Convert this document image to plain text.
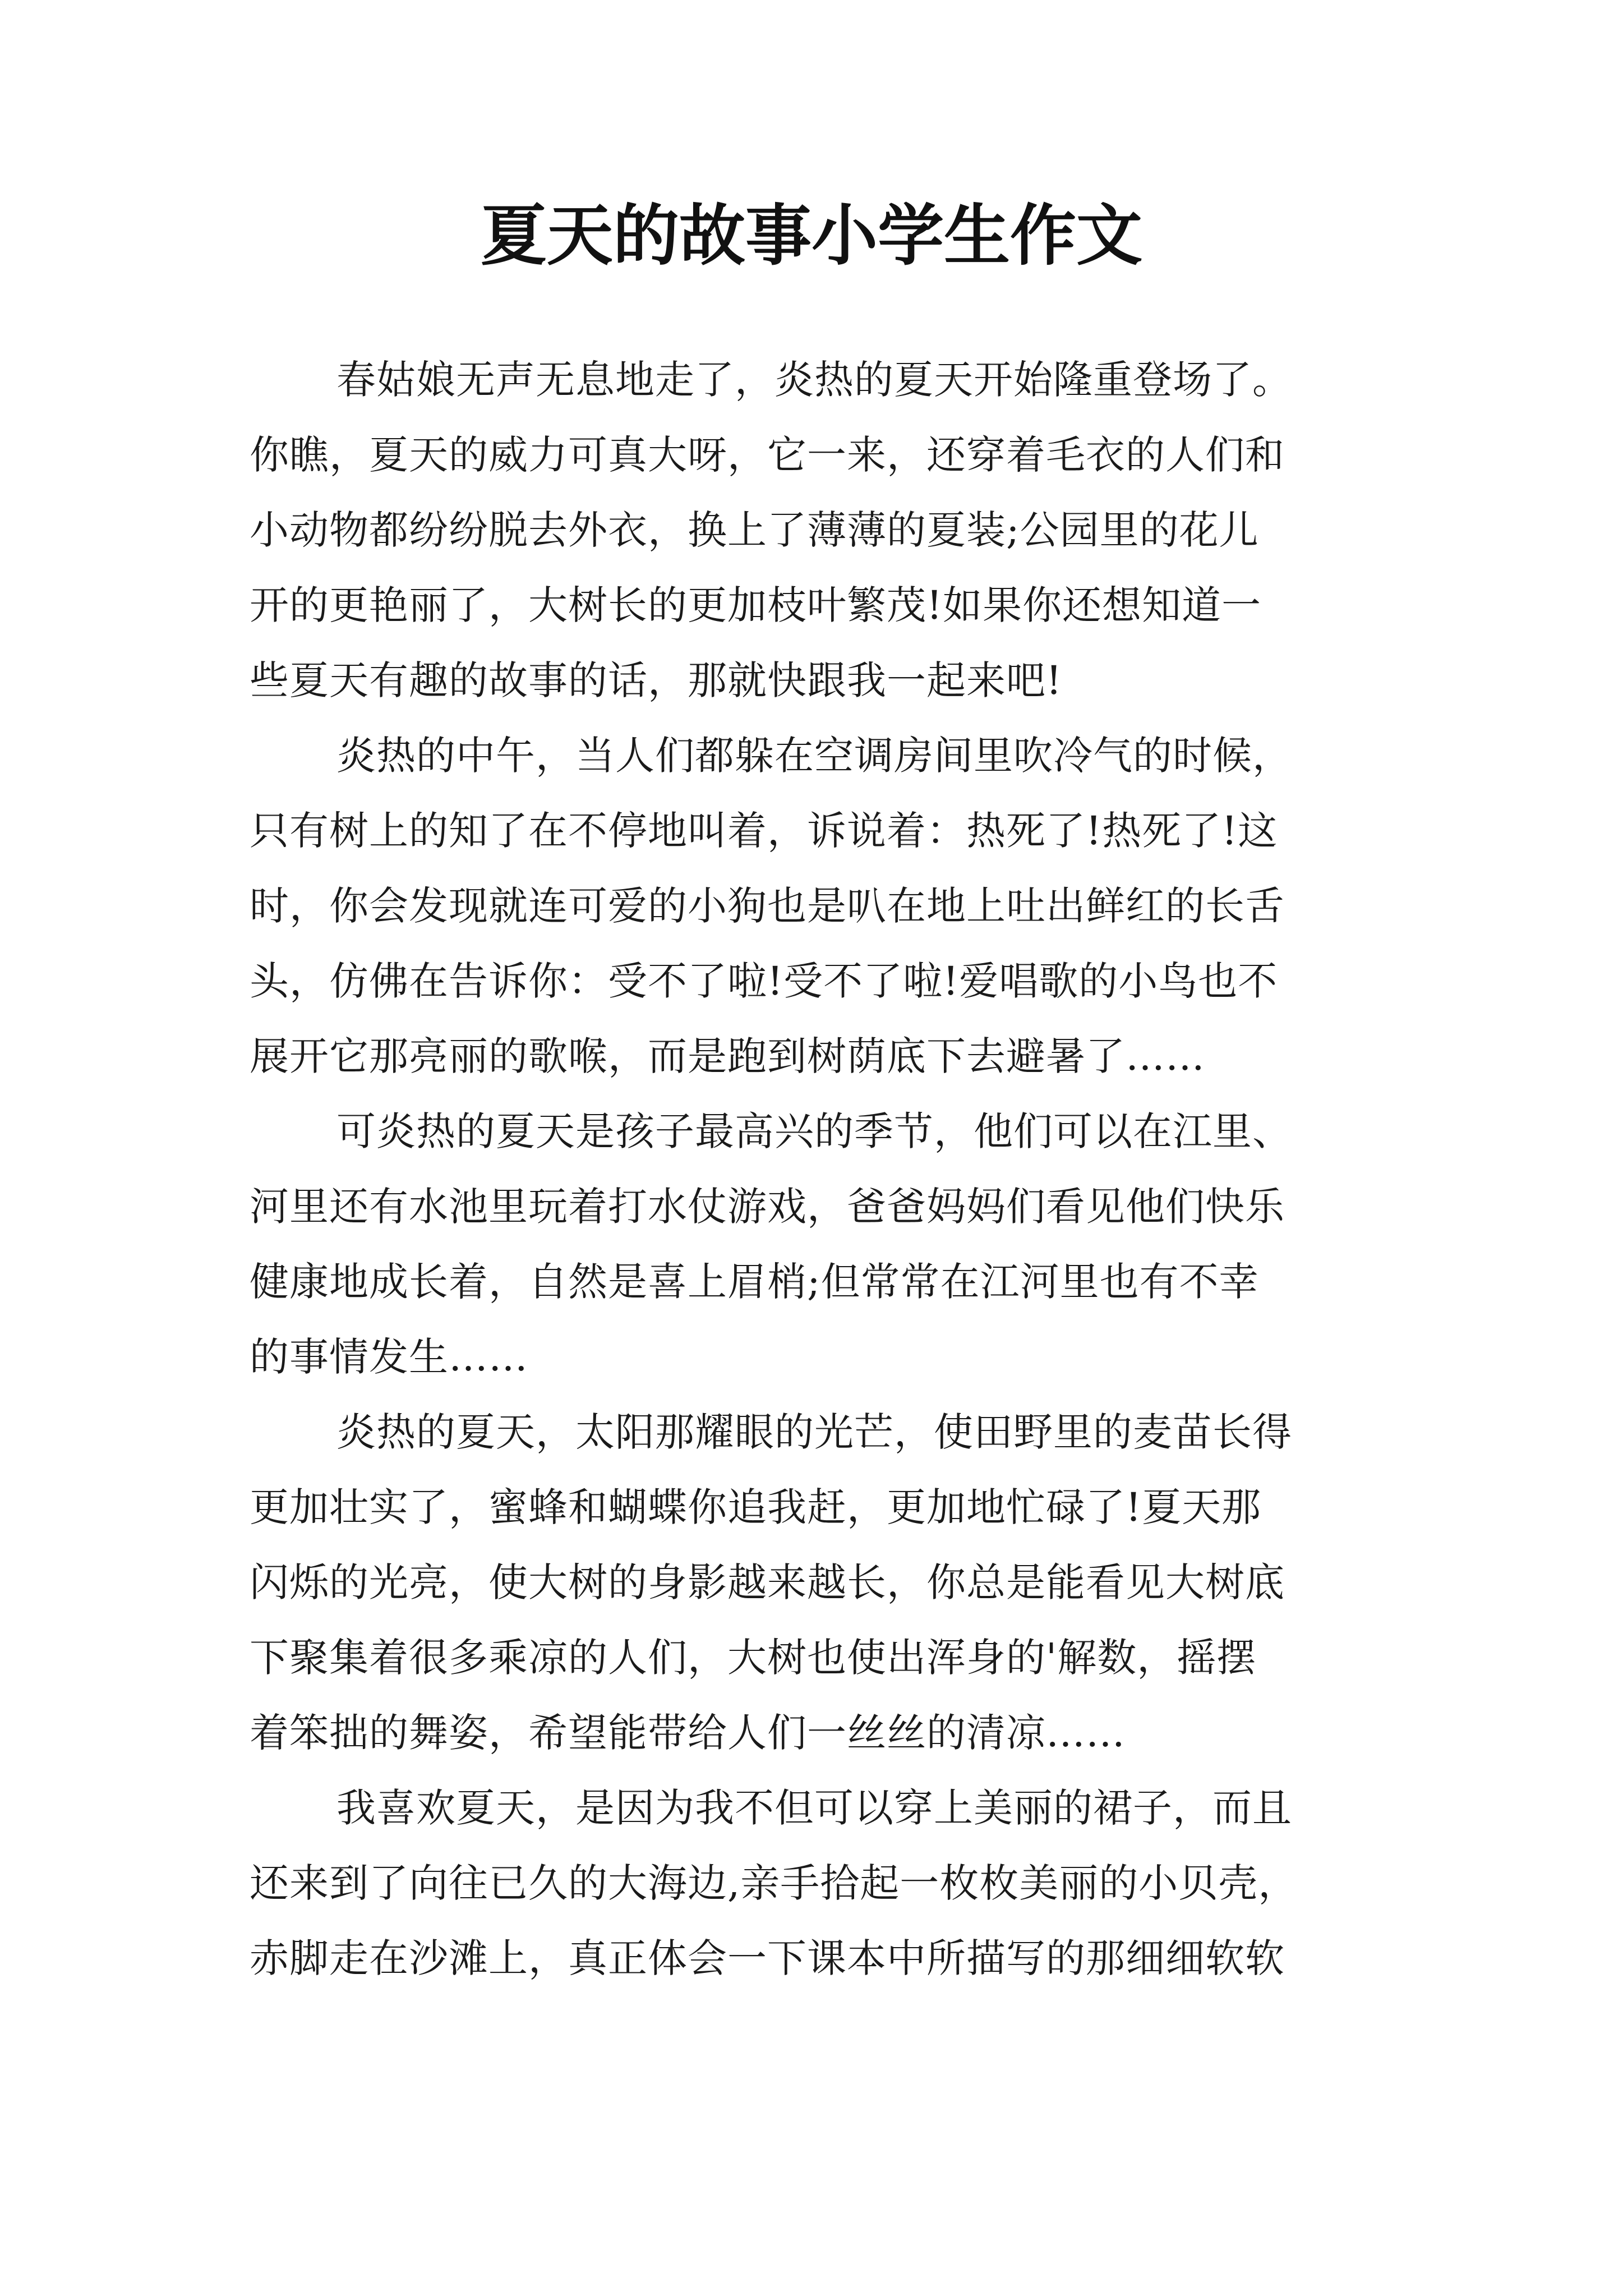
夏天的故事小学生作文
春姑娘无声无息地走了，炎热的夏天开始隆重登场了。
你瞧，夏天的威力可真大呀，它一来，还穿着毛衣的人们和
小动物都纷纷脱去外衣，换上了薄薄的夏装;公园里的花儿
开的更艳丽了，大树长的更加枝叶繁茂!如果你还想知道一
些夏天有趣的故事的话，那就快跟我一起来吧!
炎热的中午，当人们都躲在空调房间里吹冷气的时候，
只有树上的知了在不停地叫着，诉说着：热死了!热死了!这
时，你会发现就连可爱的小狗也是叭在地上吐出鲜红的长舌
头，仿佛在告诉你：受不了啦!受不了啦!爱唱歌的小鸟也不
展开它那亮丽的歌喉，而是跑到树荫底下去避暑了……
可炎热的夏天是孩子最高兴的季节，他们可以在江里、
河里还有水池里玩着打水仗游戏，爸爸妈妈们看见他们快乐
健康地成长着，自然是喜上眉梢;但常常在江河里也有不幸
的事情发生……
炎热的夏天，太阳那耀眼的光芒，使田野里的麦苗长得
更加壮实了，蜜蜂和蝴蝶你追我赶，更加地忙碌了!夏天那
闪烁的光亮，使大树的身影越来越长，你总是能看见大树底
下聚集着很多乘凉的人们，大树也使出浑身的'解数，摇摆
着笨拙的舞姿，希望能带给人们一丝丝的清凉……
我喜欢夏天，是因为我不但可以穿上美丽的裙子，而且
还来到了向往已久的大海边,亲手拾起一枚枚美丽的小贝壳，
赤脚走在沙滩上，真正体会一下课本中所描写的那细细软软
